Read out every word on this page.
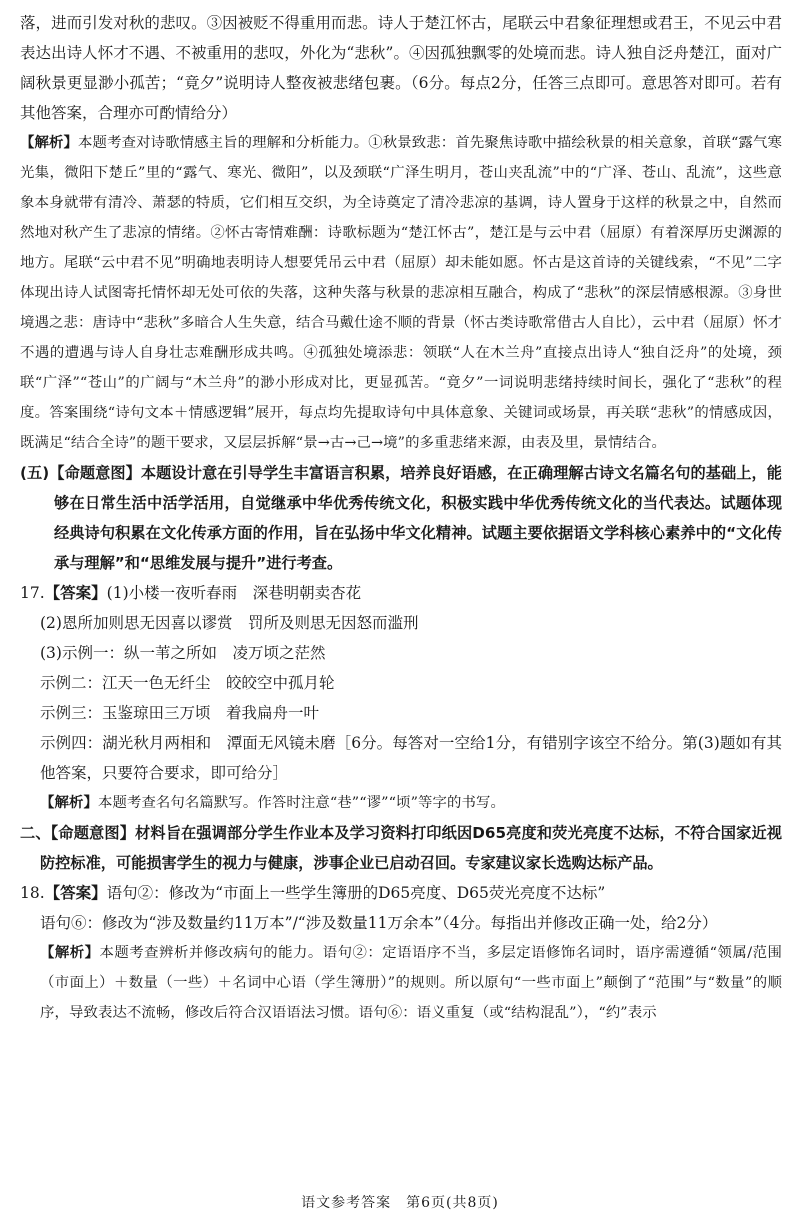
落，进而引发对秋的悲叹。③因被贬不得重用而悲。诗人于楚江怀古，尾联云中君象征理想或君王，不见云中君表达出诗人怀才不遇、不被重用的悲叹，外化为“悲秋”。④因孤独飘零的处境而悲。诗人独自泛舟楚江，面对广阔秋景更显渺小孤苦；“竟夕”说明诗人整夜被悲绪包裹。（6分。每点2分，任答三点即可。意思答对即可。若有其他答案，合理亦可酌情给分）

【解析】本题考查对诗歌情感主旨的理解和分析能力。①秋景致悲：首先聚焦诗歌中描绘秋景的相关意象，首联“露气寒光集，微阳下楚丘”里的“露气、寒光、微阳”，以及颈联“广泽生明月，苍山夹乱流”中的“广泽、苍山、乱流”，这些意象本身就带有清冷、萧瑟的特质，它们相互交织，为全诗奠定了清冷悲凉的基调，诗人置身于这样的秋景之中，自然而然地对秋产生了悲凉的情绪。②怀古寄情难酬：诗歌标题为“楚江怀古”，楚江是与云中君（屈原）有着深厚历史渊源的地方。尾联“云中君不见”明确地表明诗人想要凭吊云中君（屈原）却未能如愿。怀古是这首诗的关键线索，“不见”二字体现出诗人试图寄托情怀却无处可依的失落，这种失落与秋景的悲凉相互融合，构成了“悲秋”的深层情感根源。③身世境遇之悲：唐诗中“悲秋”多暗合人生失意，结合马戴仕途不顺的背景（怀古类诗歌常借古人自比），云中君（屈原）怀才不遇的遭遇与诗人自身壮志难酬形成共鸣。④孤独处境添悲：领联“人在木兰舟”直接点出诗人“独自泛舟”的处境，颈联“广泽”“苍山”的广阔与“木兰舟”的渺小形成对比，更显孤苦。“竟夕”一词说明悲绪持续时间长，强化了“悲秋”的程度。答案围绕“诗句文本＋情感逻辑”展开，每点均先提取诗句中具体意象、关键词或场景，再关联“悲秋”的情感成因，既满足“结合全诗”的题干要求，又层层拆解“景→古→己→境”的多重悲绪来源，由表及里，景情结合。

(五)【命题意图】本题设计意在引导学生丰富语言积累，培养良好语感，在正确理解古诗文名篇名句的基础上，能够在日常生活中活学活用，自觉继承中华优秀传统文化，积极实践中华优秀传统文化的当代表达。试题体现经典诗句积累在文化传承方面的作用，旨在弘扬中华文化精神。试题主要依据语文学科核心素养中的“文化传承与理解”和“思维发展与提升”进行考查。

17.【答案】(1)小楼一夜听春雨　深巷明朝卖杏花

(2)恩所加则思无因喜以谬赏　罚所及则思无因怒而滥刑

(3)示例一：纵一苇之所如　凌万顷之茫然

示例二：江天一色无纤尘　皎皎空中孤月轮

示例三：玉鉴琼田三万顷　着我扁舟一叶

示例四：湖光秋月两相和　潭面无风镜未磨［6分。每答对一空给1分，有错别字该空不给分。第(3)题如有其他答案，只要符合要求，即可给分］

【解析】本题考查名句名篇默写。作答时注意“巷”“谬”“顷”等字的书写。

二、【命题意图】材料旨在强调部分学生作业本及学习资料打印纸因D65亮度和荧光亮度不达标，不符合国家近视防控标准，可能损害学生的视力与健康，涉事企业已启动召回。专家建议家长选购达标产品。

18.【答案】语句②：修改为“市面上一些学生簿册的D65亮度、D65荧光亮度不达标”

语句⑥：修改为“涉及数量约11万本”/“涉及数量11万余本”（4分。每指出并修改正确一处，给2分）

【解析】本题考查辨析并修改病句的能力。语句②：定语语序不当，多层定语修饰名词时，语序需遵循“领属/范围（市面上）＋数量（一些）＋名词中心语（学生簿册）”的规则。所以原句“一些市面上”颠倒了“范围”与“数量”的顺序，导致表达不流畅，修改后符合汉语语法习惯。语句⑥：语义重复（或“结构混乱”），“约”表示

语文参考答案　第6页(共8页)
